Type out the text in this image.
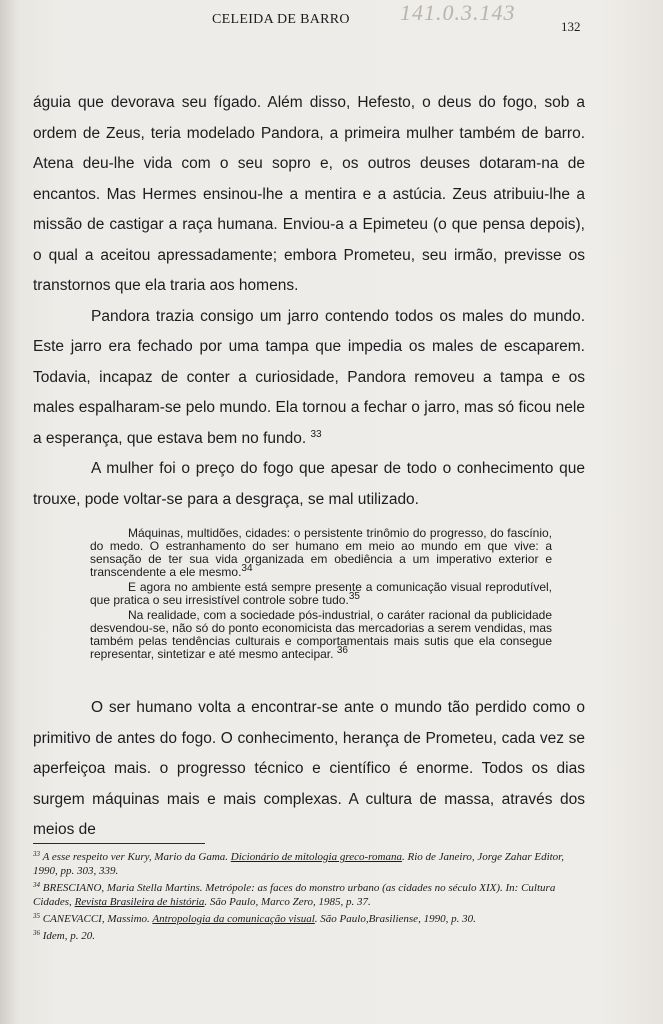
CELEIDA DE BARRO 141.0.3.143
132

águia que devorava seu fígado. Além disso, Hefesto, o deus do fogo, sob a ordem de Zeus, teria modelado Pandora, a primeira mulher também de barro. Atena deu-lhe vida com o seu sopro e, os outros deuses dotaram-na de encantos. Mas Hermes ensinou-lhe a mentira e a astúcia. Zeus atribuiu-lhe a missão de castigar a raça humana. Enviou-a a Epimeteu (o que pensa depois), o qual a aceitou apressadamente; embora Prometeu, seu irmão, previsse os transtornos que ela traria aos homens.

Pandora trazia consigo um jarro contendo todos os males do mundo. Este jarro era fechado por uma tampa que impedia os males de escaparem. Todavia, incapaz de conter a curiosidade, Pandora removeu a tampa e os males espalharam-se pelo mundo. Ela tornou a fechar o jarro, mas só ficou nele a esperança, que estava bem no fundo. $^{33}$

A mulher foi o preço do fogo que apesar de todo o conhecimento que trouxe, pode voltar-se para a desgraça, se mal utilizado.

Máquinas, multidões, cidades: o persistente trinômio do progresso, do fascínio, do medo. O estranhamento do ser humano em meio ao mundo em que vive: a sensação de ter sua vida organizada em obediência a um imperativo exterior e transcendente a ele mesmo.$^{34}$

E agora no ambiente está sempre presente a comunicação visual reprodutível, que pratica o seu irresistível controle sobre tudo.$^{35}$

Na realidade, com a sociedade pós-industrial, o caráter racional da publicidade desvendou-se, não só do ponto economicista das mercadorias a serem vendidas, mas também pelas tendências culturais e comportamentais mais sutis que ela consegue representar, sintetizar e até mesmo antecipar. $^{36}$

O ser humano volta a encontrar-se ante o mundo tão perdido como o primitivo de antes do fogo. O conhecimento, herança de Prometeu, cada vez se aperfeiçoa mais. o progresso técnico e científico é enorme. Todos os dias surgem máquinas mais e mais complexas. A cultura de massa, através dos meios de

$^{33}$ A esse respeito ver Kury, Mario da Gama. Dicionário de mitologia greco-romana. Rio de Janeiro, Jorge Zahar Editor, 1990, pp. 303, 339.

$^{34}$ BRESCIANO, Maria Stella Martins. Metrópole: as faces do monstro urbano (as cidades no século XIX). In: Cultura Cidades, Revista Brasileira de história. São Paulo, Marco Zero, 1985, p. 37.

$^{35}$ CANEVACCI, Massimo. Antropologia da comunicação visual. São Paulo,Brasiliense, 1990, p. 30.

$^{36}$ Idem, p. 20.
